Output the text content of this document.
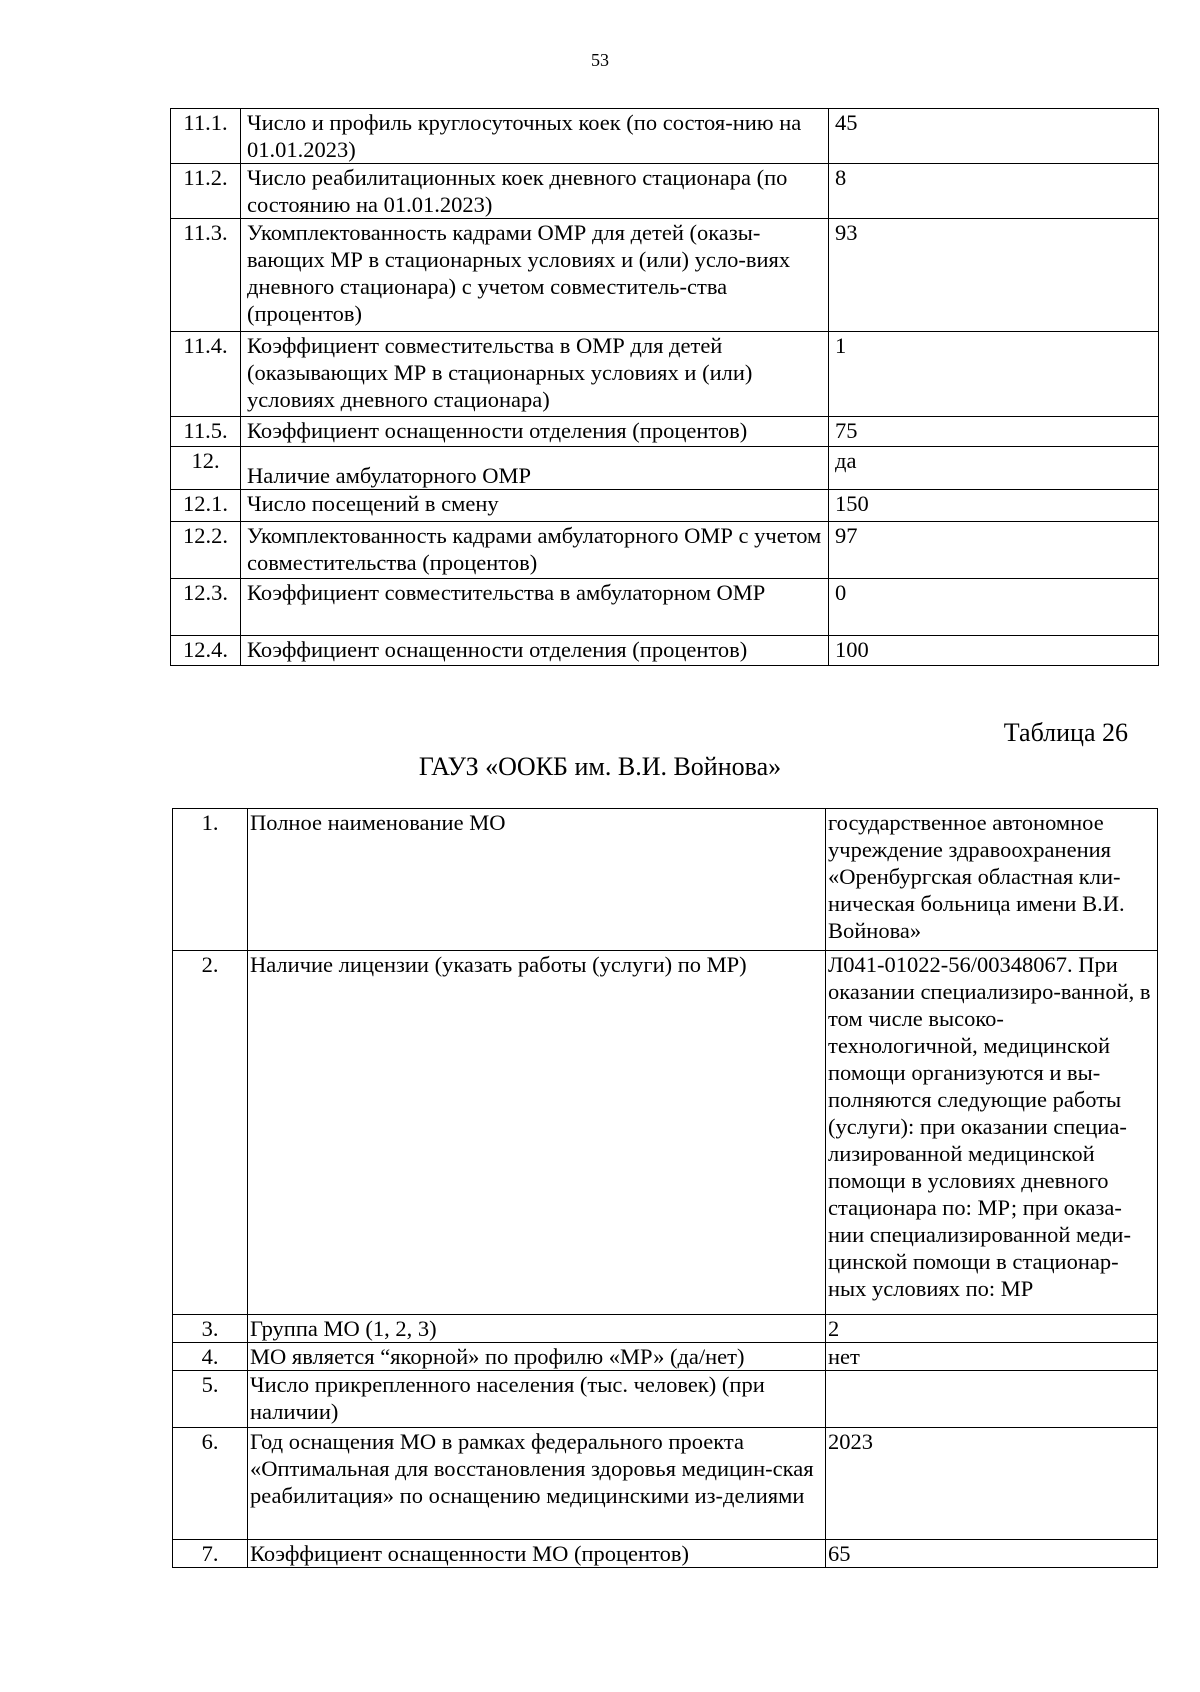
53
11.1.	Число и профиль круглосуточных коек (по состоя-нию на 01.01.2023)	45
11.2.	Число реабилитационных коек дневного стационара (по состоянию на 01.01.2023)	8
11.3.	Укомплектованность кадрами ОМР для детей (оказы-вающих МР в стационарных условиях и (или) усло-виях дневного стационара) с учетом совместитель-ства (процентов)	93
11.4.	Коэффициент совместительства в ОМР для детей (оказывающих МР в стационарных условиях и (или) условиях дневного стационара)	1
11.5.	Коэффициент оснащенности отделения (процентов)	75
12.	Наличие амбулаторного ОМР	да
12.1.	Число посещений в смену	150
12.2.	Укомплектованность кадрами амбулаторного ОМР с учетом совместительства (процентов)	97
12.3.	Коэффициент совместительства в амбулаторном ОМР	0
12.4.	Коэффициент оснащенности отделения (процентов)	100
Таблица 26
ГАУЗ «ООКБ им. В.И. Войнова»
1.	Полное наименование МО	государственное автономное учреждение здравоохранения «Оренбургская областная кли-ническая больница имени В.И. Войнова»
2.	Наличие лицензии (указать работы (услуги) по МР)	Л041-01022-56/00348067. При оказании специализиро-ванной, в том числе высоко-технологичной, медицинской помощи организуются и вы-полняются следующие работы (услуги): при оказании специа-лизированной медицинской помощи в условиях дневного стационара по: МР; при оказа-нии специализированной меди-цинской помощи в стационар-ных условиях по: МР
3.	Группа МО (1, 2, 3)	2
4.	МО является “якорной» по профилю «МР» (да/нет)	нет
5.	Число прикрепленного населения (тыс. человек) (при наличии)	
6.	Год оснащения МО в рамках федерального проекта «Оптимальная для восстановления здоровья медицин-ская реабилитация» по оснащению медицинскими из-делиями	2023
7.	Коэффициент оснащенности МО (процентов)	65
